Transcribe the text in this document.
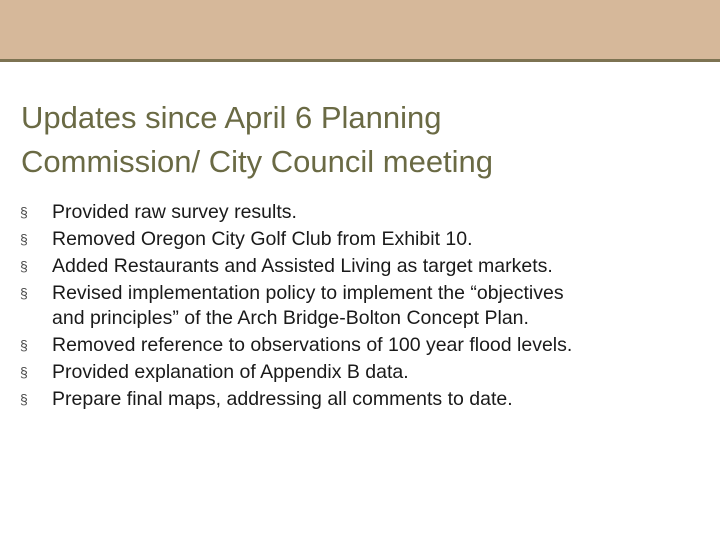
Updates since April 6 Planning
Commission/ City Council meeting
§	Provided raw survey results.
§	Removed Oregon City Golf Club from Exhibit 10.
§	Added Restaurants and Assisted Living as target markets.
§	Revised implementation policy to implement the “objectives
and principles” of the Arch Bridge-Bolton Concept Plan.
§	Removed reference to observations of 100 year flood levels.
§	Provided explanation of Appendix B data.
§	Prepare final maps, addressing all comments to date.
